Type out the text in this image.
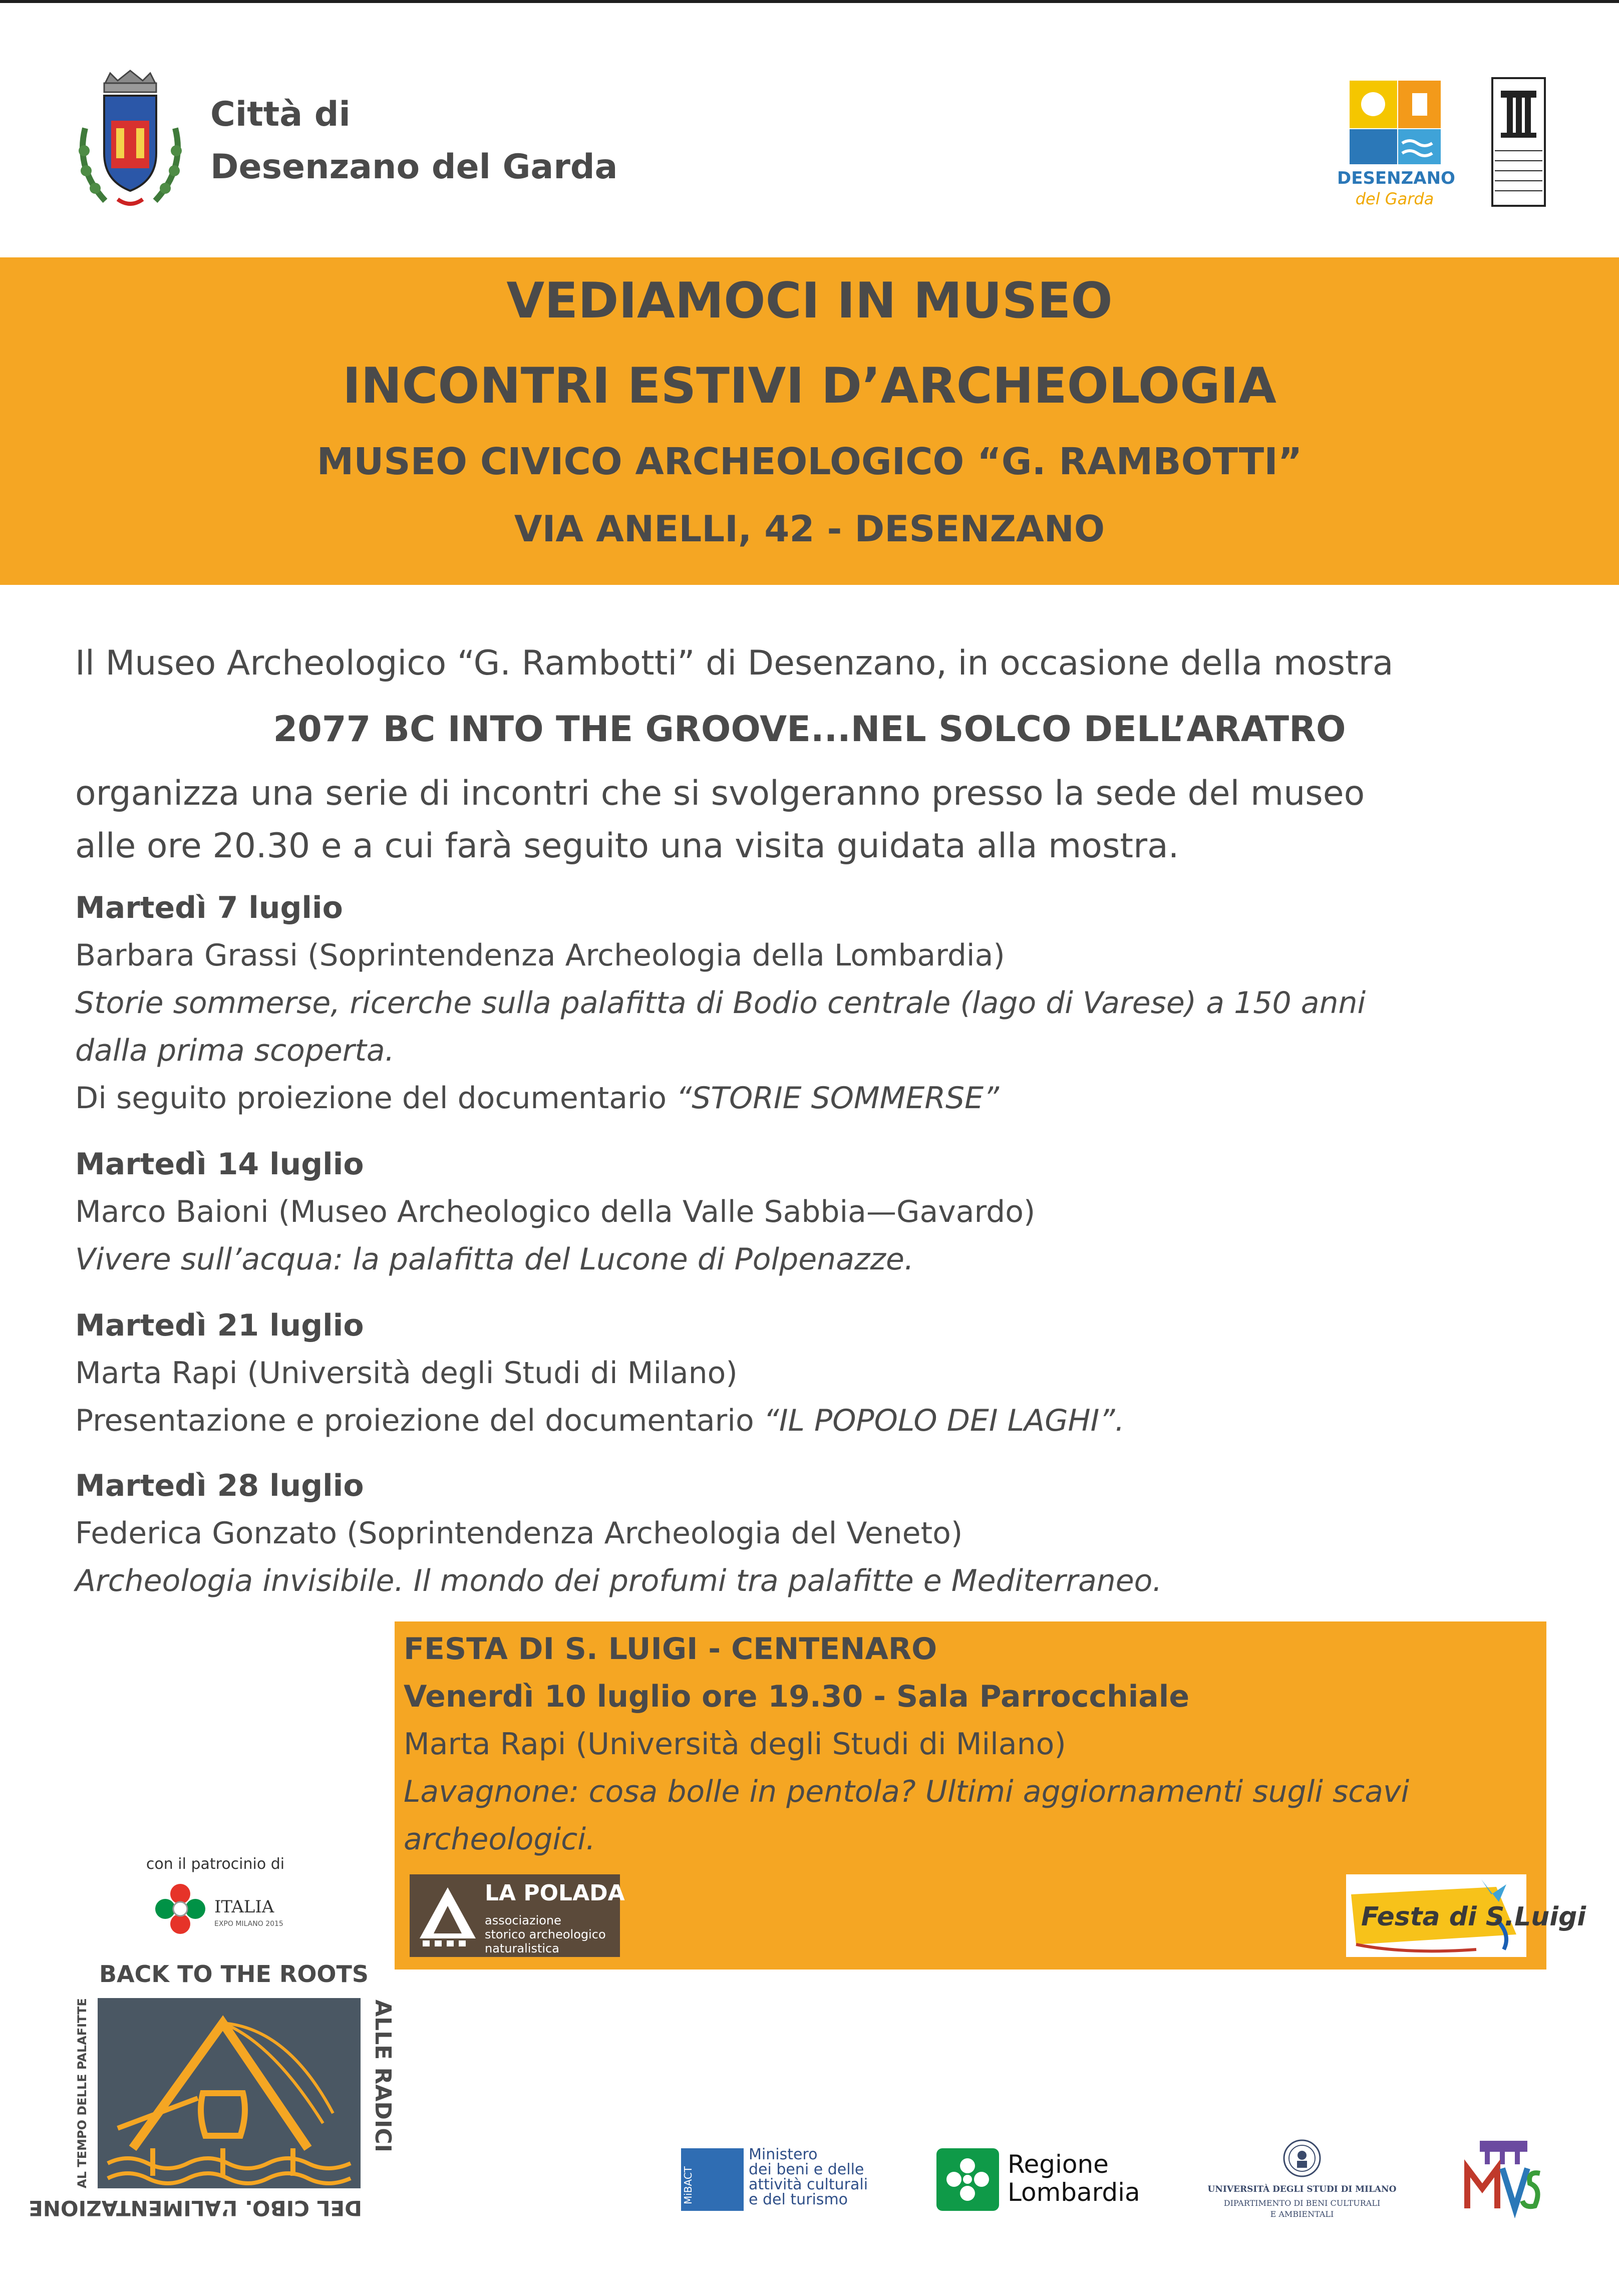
Città di
Desenzano del Garda	DESENZANO
del Garda
VEDIAMOCI IN MUSEO
INCONTRI ESTIVI D’ARCHEOLOGIA
MUSEO CIVICO ARCHEOLOGICO “G. RAMBOTTI”
VIA ANELLI, 42 - DESENZANO
Il Museo Archeologico “G. Rambotti” di Desenzano, in occasione della mostra
2077 BC INTO THE GROOVE...NEL SOLCO DELL’ARATRO
organizza una serie di incontri che si svolgeranno presso la sede del museo
alle ore 20.30 e a cui farà seguito una visita guidata alla mostra.
Martedì 7 luglio
Barbara Grassi (Soprintendenza Archeologia della Lombardia)
Storie sommerse, ricerche sulla palafitta di Bodio centrale (lago di Varese) a 150 anni
dalla prima scoperta.
Di seguito proiezione del documentario “STORIE SOMMERSE”
Martedì 14 luglio
Marco Baioni (Museo Archeologico della Valle Sabbia—Gavardo)
Vivere sull’acqua: la palafitta del Lucone di Polpenazze.
Martedì 21 luglio
Marta Rapi (Università degli Studi di Milano)
Presentazione e proiezione del documentario “IL POPOLO DEI LAGHI”.
Martedì 28 luglio
Federica Gonzato (Soprintendenza Archeologia del Veneto)
Archeologia invisibile. Il mondo dei profumi tra palafitte e Mediterraneo.
FESTA DI S. LUIGI - CENTENARO
Venerdì 10 luglio ore 19.30 - Sala Parrocchiale
Marta Rapi (Università degli Studi di Milano)
Lavagnone: cosa bolle in pentola? Ultimi aggiornamenti sugli scavi
archeologici.
LA POLADA
associazione
storico archeologico
naturalistica
Festa di S.Luigi
con il patrocinio di
ITALIA
EXPO MILANO 2015
BACK TO THE ROOTS
AL TEMPO DELLE PALAFITTE	ALLE RADICI
DEL CIBO. L’ALIMENTAZIONE
MiBACT
Ministero
dei beni e delle
attività culturali
e del turismo
Regione
Lombardia	UNIVERSITÀ DEGLI STUDI DI MILANO
DIPARTIMENTO DI BENI CULTURALI
E AMBIENTALI
